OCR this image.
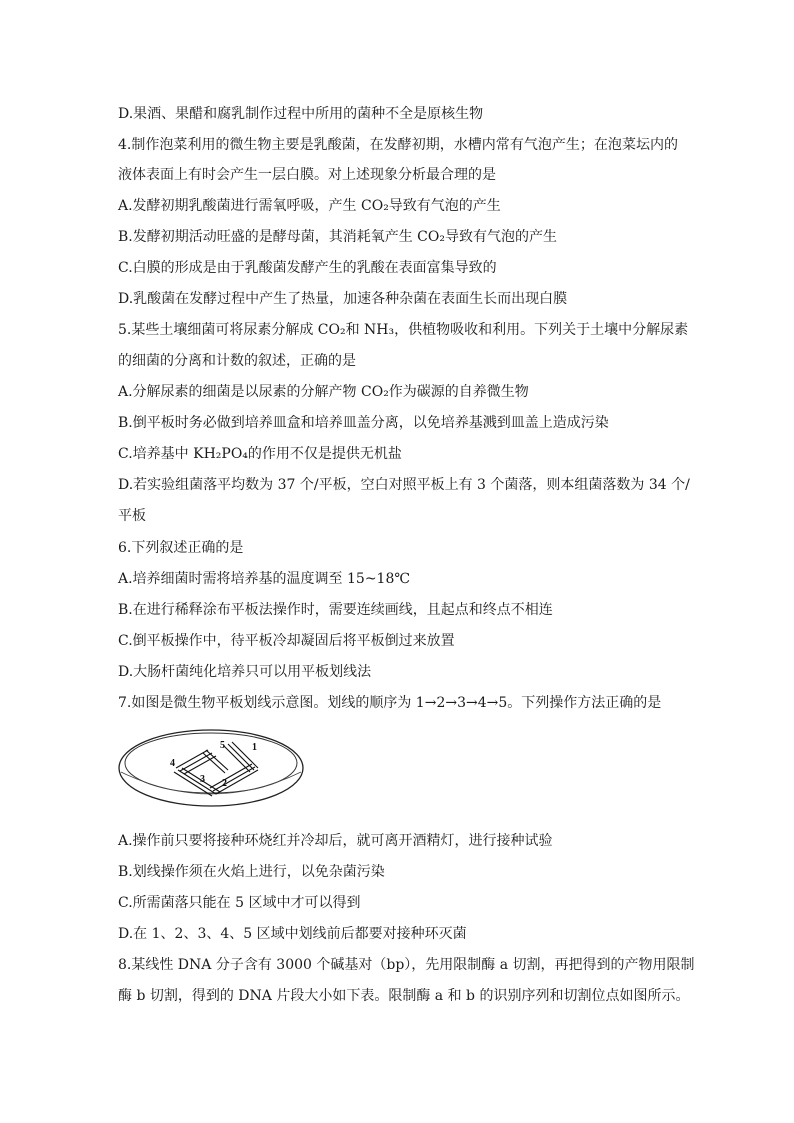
D.果酒、果醋和腐乳制作过程中所用的菌种不全是原核生物
4.制作泡菜利用的微生物主要是乳酸菌，在发酵初期，水槽内常有气泡产生；在泡菜坛内的
液体表面上有时会产生一层白膜。对上述现象分析最合理的是
A.发酵初期乳酸菌进行需氧呼吸，产生 CO₂导致有气泡的产生
B.发酵初期活动旺盛的是酵母菌，其消耗氧产生 CO₂导致有气泡的产生
C.白膜的形成是由于乳酸菌发酵产生的乳酸在表面富集导致的
D.乳酸菌在发酵过程中产生了热量，加速各种杂菌在表面生长而出现白膜
5.某些土壤细菌可将尿素分解成 CO₂和 NH₃，供植物吸收和利用。下列关于土壤中分解尿素
的细菌的分离和计数的叙述，正确的是
A.分解尿素的细菌是以尿素的分解产物 CO₂作为碳源的自养微生物
B.倒平板时务必做到培养皿盒和培养皿盖分离，以免培养基溅到皿盖上造成污染
C.培养基中 KH₂PO₄的作用不仅是提供无机盐
D.若实验组菌落平均数为 37 个/平板，空白对照平板上有 3 个菌落，则本组菌落数为 34 个/
平板
6.下列叙述正确的是
A.培养细菌时需将培养基的温度调至 15~18℃
B.在进行稀释涂布平板法操作时，需要连续画线，且起点和终点不相连
C.倒平板操作中，待平板冷却凝固后将平板倒过来放置
D.大肠杆菌纯化培养只可以用平板划线法
7.如图是微生物平板划线示意图。划线的顺序为 1→2→3→4→5。下列操作方法正确的是
1
2
3
4
5
A.操作前只要将接种环烧红并冷却后，就可离开酒精灯，进行接种试验
B.划线操作须在火焰上进行，以免杂菌污染
C.所需菌落只能在 5 区域中才可以得到
D.在 1、2、3、4、5 区域中划线前后都要对接种环灭菌
8.某线性 DNA 分子含有 3000 个碱基对（bp），先用限制酶 a 切割，再把得到的产物用限制
酶 b 切割，得到的 DNA 片段大小如下表。限制酶 a 和 b 的识别序列和切割位点如图所示。
